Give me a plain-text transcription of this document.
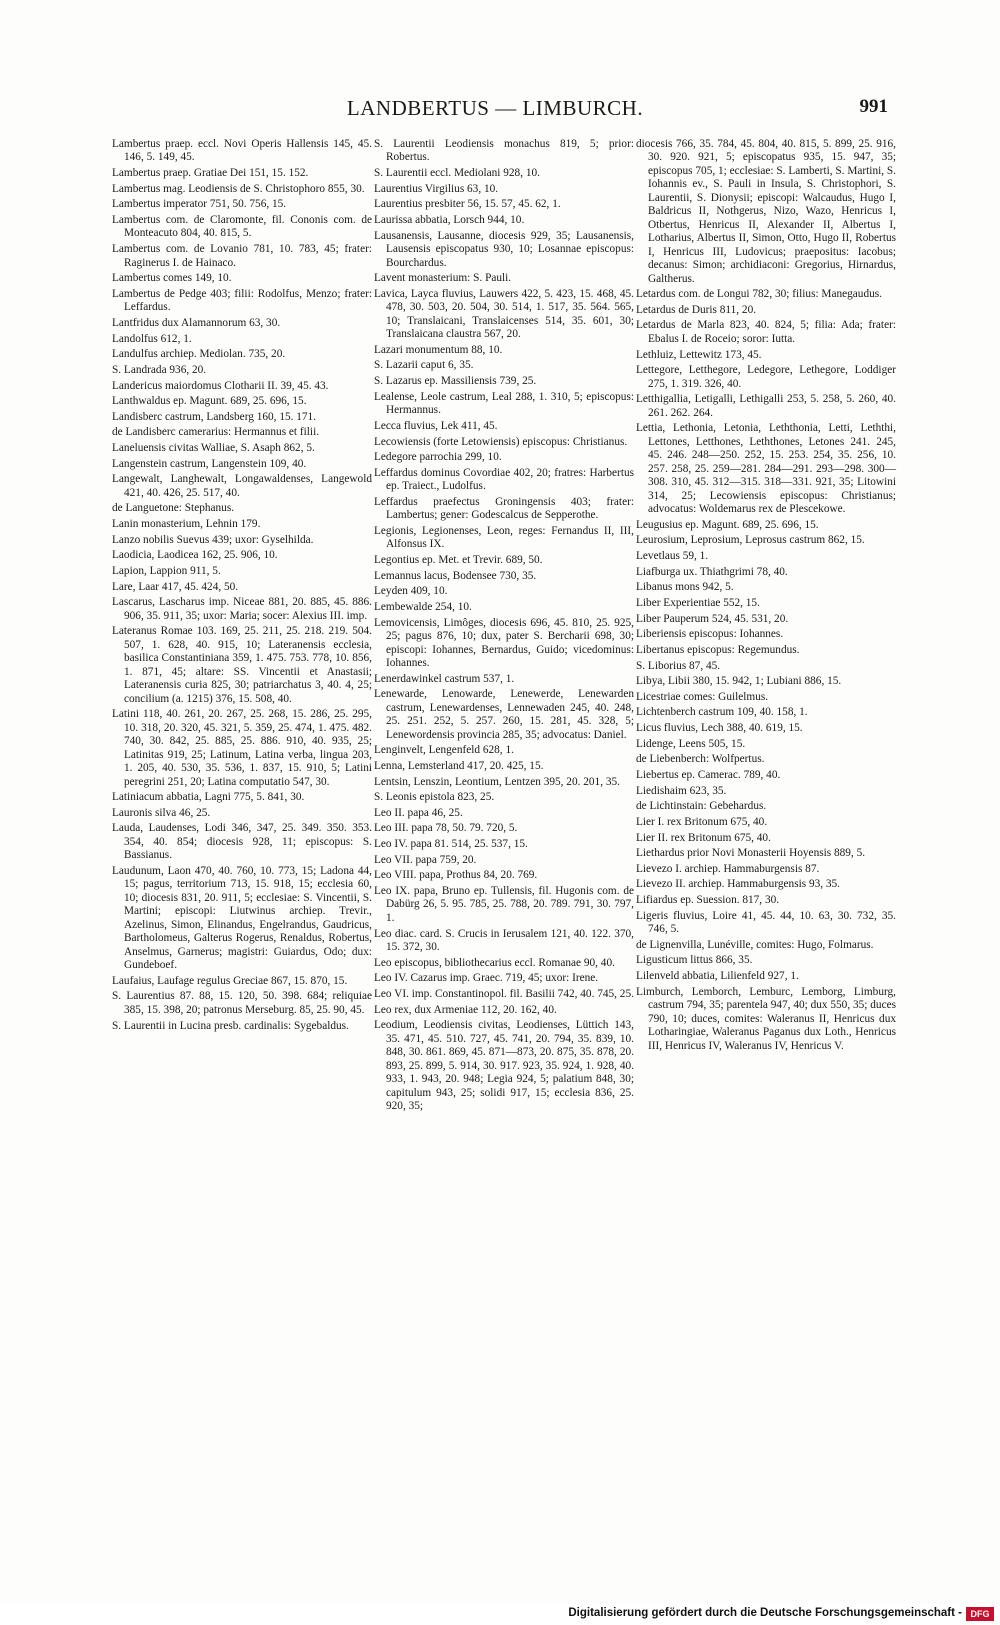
LANDBERTUS — LIMBURCH.	991

Lambertus praep. eccl. Novi Operis Hallensis 145, 45. 146, 5. 149, 45.

Lambertus praep. Gratiae Dei 151, 15. 152.

Lambertus mag. Leodiensis de S. Christophoro 855, 30.

Lambertus imperator 751, 50. 756, 15.

Lambertus com. de Claromonte, fil. Cononis com. de Monteacuto 804, 40. 815, 5.

Lambertus com. de Lovanio 781, 10. 783, 45; frater: Raginerus I. de Hainaco.

Lambertus comes 149, 10.

Lambertus de Pedge 403; filii: Rodolfus, Menzo; frater: Leffardus.

Lantfridus dux Alamannorum 63, 30.

Landolfus 612, 1.

Landulfus archiep. Mediolan. 735, 20.

S. Landrada 936, 20.

Landericus maiordomus Clotharii II. 39, 45. 43.

Lanthwaldus ep. Magunt. 689, 25. 696, 15.

Landisberc castrum, Landsberg 160, 15. 171.

de Landisberc camerarius: Hermannus et filii.

Laneluensis civitas Walliae, S. Asaph 862, 5.

Langenstein castrum, Langenstein 109, 40.

Langewalt, Langhewalt, Longawaldenses, Langewold 421, 40. 426, 25. 517, 40.

de Languetone: Stephanus.

Lanin monasterium, Lehnin 179.

Lanzo nobilis Suevus 439; uxor: Gyselhilda.

Laodicia, Laodicea 162, 25. 906, 10.

Lapion, Lappion 911, 5.

Lare, Laar 417, 45. 424, 50.

Lascarus, Lascharus imp. Niceae 881, 20. 885, 45. 886. 906, 35. 911, 35; uxor: Maria; socer: Alexius III. imp.

Lateranus Romae 103. 169, 25. 211, 25. 218. 219. 504. 507, 1. 628, 40. 915, 10; Lateranensis ecclesia, basilica Constantiniana 359, 1. 475. 753. 778, 10. 856, 1. 871, 45; altare: SS. Vincentii et Anastasii; Lateranensis curia 825, 30; patriarchatus 3, 40. 4, 25; concilium (a. 1215) 376, 15. 508, 40.

Latini 118, 40. 261, 20. 267, 25. 268, 15. 286, 25. 295, 10. 318, 20. 320, 45. 321, 5. 359, 25. 474, 1. 475. 482. 740, 30. 842, 25. 885, 25. 886. 910, 40. 935, 25; Latinitas 919, 25; Latinum, Latina verba, lingua 203, 1. 205, 40. 530, 35. 536, 1. 837, 15. 910, 5; Latini peregrini 251, 20; Latina computatio 547, 30.

Latiniacum abbatia, Lagni 775, 5. 841, 30.

Lauronis silva 46, 25.

Lauda, Laudenses, Lodi 346, 347, 25. 349. 350. 353. 354, 40. 854; diocesis 928, 11; episcopus: S. Bassianus.

Laudunum, Laon 470, 40. 760, 10. 773, 15; Ladona 44, 15; pagus, territorium 713, 15. 918, 15; ecclesia 60, 10; diocesis 831, 20. 911, 5; ecclesiae: S. Vincentii, S. Martini; episcopi: Liutwinus archiep. Trevir., Azelinus, Simon, Elinandus, Engelrandus, Gaudricus, Bartholomeus, Galterus Rogerus, Renaldus, Robertus, Anselmus, Garnerus; magistri: Guiardus, Odo; dux: Gundeboef.

Laufaius, Laufage regulus Greciae 867, 15. 870, 15.

S. Laurentius 87. 88, 15. 120, 50. 398. 684; reliquiae 385, 15. 398, 20; patronus Merseburg. 85, 25. 90, 45.

S. Laurentii in Lucina presb. cardinalis: Sygebaldus.

S. Laurentii Leodiensis monachus 819, 5; prior: Robertus.

S. Laurentii eccl. Mediolani 928, 10.

Laurentius Virgilius 63, 10.

Laurentius presbiter 56, 15. 57, 45. 62, 1.

Laurissa abbatia, Lorsch 944, 10.

Lausanensis, Lausanne, diocesis 929, 35; Lausanensis, Lausensis episcopatus 930, 10; Losannae episcopus: Bourchardus.

Lavent monasterium: S. Pauli.

Lavica, Layca fluvius, Lauwers 422, 5. 423, 15. 468, 45. 478, 30. 503, 20. 504, 30. 514, 1. 517, 35. 564. 565, 10; Translaicani, Translaicenses 514, 35. 601, 30; Translaicana claustra 567, 20.

Lazari monumentum 88, 10.

S. Lazarii caput 6, 35.

S. Lazarus ep. Massiliensis 739, 25.

Lealense, Leole castrum, Leal 288, 1. 310, 5; episcopus: Hermannus.

Lecca fluvius, Lek 411, 45.

Lecowiensis (forte Letowiensis) episcopus: Christianus.

Ledegore parrochia 299, 10.

Leffardus dominus Covordiae 402, 20; fratres: Harbertus ep. Traiect., Ludolfus.

Leffardus praefectus Groningensis 403; frater: Lambertus; gener: Godescalcus de Sepperothe.

Legionis, Legionenses, Leon, reges: Fernandus II, III, Alfonsus IX.

Legontius ep. Met. et Trevir. 689, 50.

Lemannus lacus, Bodensee 730, 35.

Leyden 409, 10.

Lembewalde 254, 10.

Lemovicensis, Limôges, diocesis 696, 45. 810, 25. 925, 25; pagus 876, 10; dux, pater S. Bercharii 698, 30; episcopi: Iohannes, Bernardus, Guido; vicedominus: Iohannes.

Lenerdawinkel castrum 537, 1.

Lenewarde, Lenowarde, Lenewerde, Lenewarden castrum, Lenewardenses, Lennewaden 245, 40. 248, 25. 251. 252, 5. 257. 260, 15. 281, 45. 328, 5; Lenewordensis provincia 285, 35; advocatus: Daniel.

Lenginvelt, Lengenfeld 628, 1.

Lenna, Lemsterland 417, 20. 425, 15.

Lentsin, Lenszin, Leontium, Lentzen 395, 20. 201, 35.

S. Leonis epistola 823, 25.

Leo II. papa 46, 25.

Leo III. papa 78, 50. 79. 720, 5.

Leo IV. papa 81. 514, 25. 537, 15.

Leo VII. papa 759, 20.

Leo VIII. papa, Prothus 84, 20. 769.

Leo IX. papa, Bruno ep. Tullensis, fil. Hugonis com. de Dabürg 26, 5. 95. 785, 25. 788, 20. 789. 791, 30. 797, 1.

Leo diac. card. S. Crucis in Ierusalem 121, 40. 122. 370, 15. 372, 30.

Leo episcopus, bibliothecarius eccl. Romanae 90, 40.

Leo IV. Cazarus imp. Graec. 719, 45; uxor: Irene.

Leo VI. imp. Constantinopol. fil. Basilii 742, 40. 745, 25.

Leo rex, dux Armeniae 112, 20. 162, 40.

Leodium, Leodiensis civitas, Leodienses, Lüttich 143, 35. 471, 45. 510. 727, 45. 741, 20. 794, 35. 839, 10. 848, 30. 861. 869, 45. 871—873, 20. 875, 35. 878, 20. 893, 25. 899, 5. 914, 30. 917. 923, 35. 924, 1. 928, 40. 933, 1. 943, 20. 948; Legia 924, 5; palatium 848, 30; capitulum 943, 25; solidi 917, 15; ecclesia 836, 25. 920, 35;

diocesis 766, 35. 784, 45. 804, 40. 815, 5. 899, 25. 916, 30. 920. 921, 5; episcopatus 935, 15. 947, 35; episcopus 705, 1; ecclesiae: S. Lamberti, S. Martini, S. Iohannis ev., S. Pauli in Insula, S. Christophori, S. Laurentii, S. Dionysii; episcopi: Walcaudus, Hugo I, Baldricus II, Nothgerus, Nizo, Wazo, Henricus I, Otbertus, Henricus II, Alexander II, Albertus I, Lotharius, Albertus II, Simon, Otto, Hugo II, Robertus I, Henricus III, Ludovicus; praepositus: Iacobus; decanus: Simon; archidiaconi: Gregorius, Hirnardus, Galtherus.

Letardus com. de Longui 782, 30; filius: Manegaudus.

Letardus de Duris 811, 20.

Letardus de Marla 823, 40. 824, 5; filia: Ada; frater: Ebalus I. de Roceio; soror: Iutta.

Lethluiz, Lettewitz 173, 45.

Lettegore, Letthegore, Ledegore, Lethegore, Loddiger 275, 1. 319. 326, 40.

Letthigallia, Letigalli, Lethigalli 253, 5. 258, 5. 260, 40. 261. 262. 264.

Lettia, Lethonia, Letonia, Leththonia, Letti, Leththi, Lettones, Letthones, Leththones, Letones 241. 245, 45. 246. 248—250. 252, 15. 253. 254, 35. 256, 10. 257. 258, 25. 259—281. 284—291. 293—298. 300—308. 310, 45. 312—315. 318—331. 921, 35; Litowini 314, 25; Lecowiensis episcopus: Christianus; advocatus: Woldemarus rex de Plescekowe.

Leugusius ep. Magunt. 689, 25. 696, 15.

Leurosium, Leprosium, Leprosus castrum 862, 15.

Levetlaus 59, 1.

Liafburga ux. Thiathgrimi 78, 40.

Libanus mons 942, 5.

Liber Experientiae 552, 15.

Liber Pauperum 524, 45. 531, 20.

Liberiensis episcopus: Iohannes.

Libertanus episcopus: Regemundus.

S. Liborius 87, 45.

Libya, Libii 380, 15. 942, 1; Lubiani 886, 15.

Licestriae comes: Guilelmus.

Lichtenberch castrum 109, 40. 158, 1.

Licus fluvius, Lech 388, 40. 619, 15.

Lidenge, Leens 505, 15.

de Liebenberch: Wolfpertus.

Liebertus ep. Camerac. 789, 40.

Liedishaim 623, 35.

de Lichtinstain: Gebehardus.

Lier I. rex Britonum 675, 40.

Lier II. rex Britonum 675, 40.

Liethardus prior Novi Monasterii Hoyensis 889, 5.

Lievezo I. archiep. Hammaburgensis 87.

Lievezo II. archiep. Hammaburgensis 93, 35.

Lifiardus ep. Suession. 817, 30.

Ligeris fluvius, Loire 41, 45. 44, 10. 63, 30. 732, 35. 746, 5.

de Lignenvilla, Lunéville, comites: Hugo, Folmarus.

Ligusticum littus 866, 35.

Lilenveld abbatia, Lilienfeld 927, 1.

Limburch, Lemborch, Lemburc, Lemborg, Limburg, castrum 794, 35; parentela 947, 40; dux 550, 35; duces 790, 10; duces, comites: Waleranus II, Henricus dux Lotharingiae, Waleranus Paganus dux Loth., Henricus III, Henricus IV, Waleranus IV, Henricus V.

Digitalisierung gefördert durch die Deutsche Forschungsgemeinschaft - DFG
